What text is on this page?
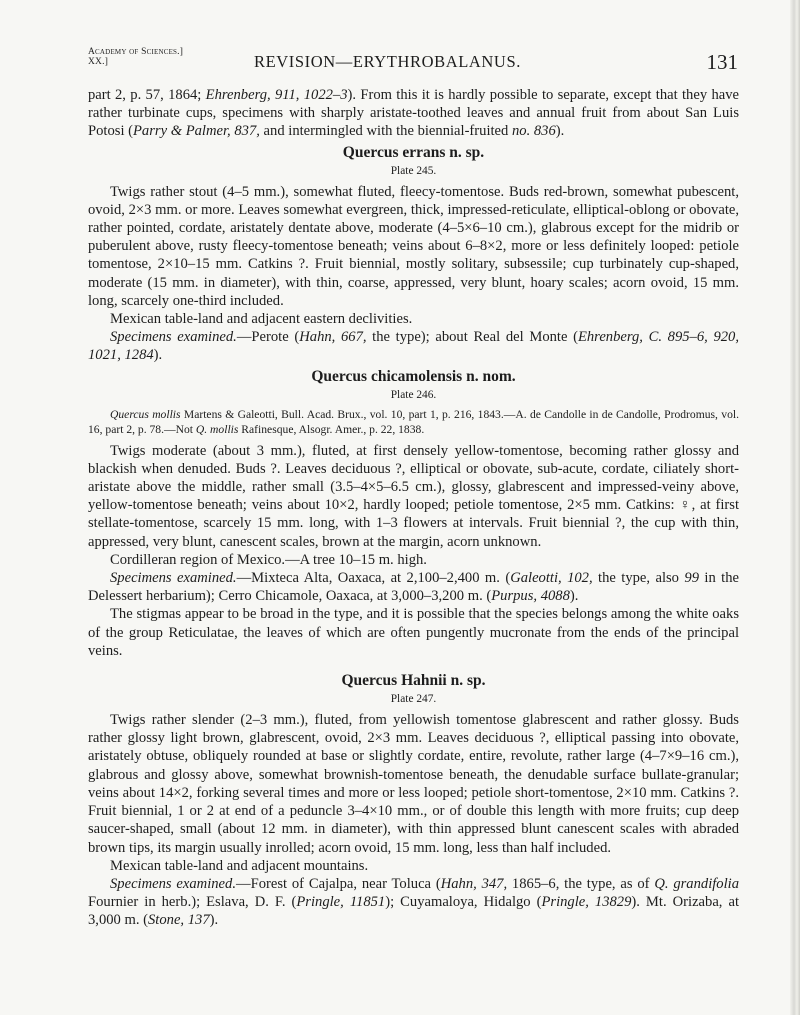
Academy of Sciences.]
XX.]	REVISION—ERYTHROBALANUS.	131

part 2, p. 57, 1864; Ehrenberg, 911, 1022–3). From this it is hardly possible to separate, except that they have rather turbinate cups, specimens with sharply aristate-toothed leaves and annual fruit from about San Luis Potosi (Parry & Palmer, 837, and intermingled with the biennial-fruited no. 836).

Quercus errans n. sp.
Plate 245.

Twigs rather stout (4–5 mm.), somewhat fluted, fleecy-tomentose. Buds red-brown, somewhat pubescent, ovoid, 2×3 mm. or more. Leaves somewhat evergreen, thick, impressed-reticulate, elliptical-oblong or obovate, rather pointed, cordate, aristately dentate above, moderate (4–5×6–10 cm.), glabrous except for the midrib or puberulent above, rusty fleecy-tomentose beneath; veins about 6–8×2, more or less definitely looped: petiole tomentose, 2×10–15 mm. Catkins ?. Fruit biennial, mostly solitary, subsessile; cup turbinately cup-shaped, moderate (15 mm. in diameter), with thin, coarse, appressed, very blunt, hoary scales; acorn ovoid, 15 mm. long, scarcely one-third included.

Mexican table-land and adjacent eastern declivities.

Specimens examined.—Perote (Hahn, 667, the type); about Real del Monte (Ehrenberg, C. 895–6, 920, 1021, 1284).

Quercus chicamolensis n. nom.
Plate 246.
Quercus mollis Martens & Galeotti, Bull. Acad. Brux., vol. 10, part 1, p. 216, 1843.—A. de Candolle in de Candolle, Prodromus, vol. 16, part 2, p. 78.—Not Q. mollis Rafinesque, Alsogr. Amer., p. 22, 1838.

Twigs moderate (about 3 mm.), fluted, at first densely yellow-tomentose, becoming rather glossy and blackish when denuded. Buds ?. Leaves deciduous ?, elliptical or obovate, sub-acute, cordate, ciliately short-aristate above the middle, rather small (3.5–4×5–6.5 cm.), glossy, glabrescent and impressed-veiny above, yellow-tomentose beneath; veins about 10×2, hardly looped; petiole tomentose, 2×5 mm. Catkins: ♀, at first stellate-tomentose, scarcely 15 mm. long, with 1–3 flowers at intervals. Fruit biennial ?, the cup with thin, appressed, very blunt, canescent scales, brown at the margin, acorn unknown.

Cordilleran region of Mexico.—A tree 10–15 m. high.

Specimens examined.—Mixteca Alta, Oaxaca, at 2,100–2,400 m. (Galeotti, 102, the type, also 99 in the Delessert herbarium); Cerro Chicamole, Oaxaca, at 3,000–3,200 m. (Purpus, 4088).

The stigmas appear to be broad in the type, and it is possible that the species belongs among the white oaks of the group Reticulatae, the leaves of which are often pungently mucronate from the ends of the principal veins.

Quercus Hahnii n. sp.
Plate 247.

Twigs rather slender (2–3 mm.), fluted, from yellowish tomentose glabrescent and rather glossy. Buds rather glossy light brown, glabrescent, ovoid, 2×3 mm. Leaves deciduous ?, elliptical passing into obovate, aristately obtuse, obliquely rounded at base or slightly cordate, entire, revolute, rather large (4–7×9–16 cm.), glabrous and glossy above, somewhat brownish-tomentose beneath, the denudable surface bullate-granular; veins about 14×2, forking several times and more or less looped; petiole short-tomentose, 2×10 mm. Catkins ?. Fruit biennial, 1 or 2 at end of a peduncle 3–4×10 mm., or of double this length with more fruits; cup deep saucer-shaped, small (about 12 mm. in diameter), with thin appressed blunt canescent scales with abraded brown tips, its margin usually inrolled; acorn ovoid, 15 mm. long, less than half included.

Mexican table-land and adjacent mountains.

Specimens examined.—Forest of Cajalpa, near Toluca (Hahn, 347, 1865–6, the type, as of Q. grandifolia Fournier in herb.); Eslava, D. F. (Pringle, 11851); Cuyamaloya, Hidalgo (Pringle, 13829). Mt. Orizaba, at 3,000 m. (Stone, 137).
